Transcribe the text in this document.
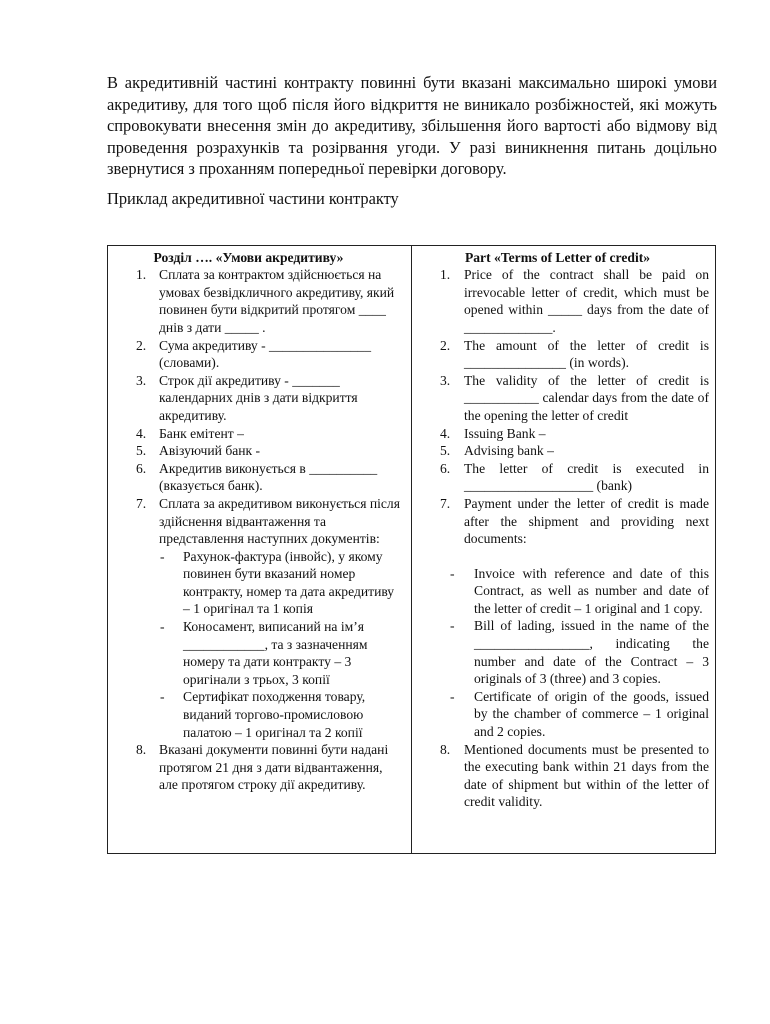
В акредитивній частині контракту повинні бути вказані максимально широкі умови акредитиву, для того щоб після його відкриття не виникало розбіжностей, які можуть спровокувати внесення змін до акредитиву, збільшення його вартості або відмову від проведення розрахунків та розірвання угоди. У разі виникнення питань доцільно звернутися з проханням попередньої перевірки договору.

Приклад акредитивної частини контракту

Розділ …. «Умови акредитиву»

1. Сплата за контрактом здійснюється на умовах безвідкличного акредитиву, який повинен бути відкритий протягом ____ днів з дати _____ .
2. Сума акредитиву - _______________ (словами).
3. Строк дії акредитиву - _______ календарних днів з дати відкриття акредитиву.
4. Банк емітент –
5. Авізуючий банк -
6. Акредитив виконується в __________ (вказується банк).
7. Сплата за акредитивом виконується після здійснення відвантаження та представлення наступних документів:
- Рахунок-фактура (інвойс), у якому повинен бути вказаний номер контракту, номер та дата акредитиву – 1 оригінал та 1 копія
- Коносамент, виписаний на ім’я ____________, та з зазначенням номеру та дати контракту – 3 оригінали з трьох, 3 копії
- Сертифікат походження товару, виданий торгово-промисловою палатою – 1 оригінал та 2 копії
8. Вказані документи повинні бути надані протягом 21 дня з дати відвантаження, але протягом строку дії акредитиву.

Part «Terms of Letter of credit»

1. Price of the contract shall be paid on irrevocable letter of credit, which must be opened within _____ days from the date of _____________.
2. The amount of the letter of credit is _______________ (in words).
3. The validity of the letter of credit is ___________ calendar days from the date of the opening the letter of credit
4. Issuing Bank –
5. Advising bank –
6. The letter of credit is executed in ___________________ (bank)
7. Payment under the letter of credit is made after the shipment and providing next documents:
- Invoice with reference and date of this Contract, as well as number and date of the letter of credit – 1 original and 1 copy.
- Bill of lading, issued in the name of the _________________, indicating the number and date of the Contract – 3 originals of 3 (three) and 3 copies.
- Certificate of origin of the goods, issued by the chamber of commerce – 1 original and 2 copies.
8. Mentioned documents must be presented to the executing bank within 21 days from the date of shipment but within of the letter of credit validity.
